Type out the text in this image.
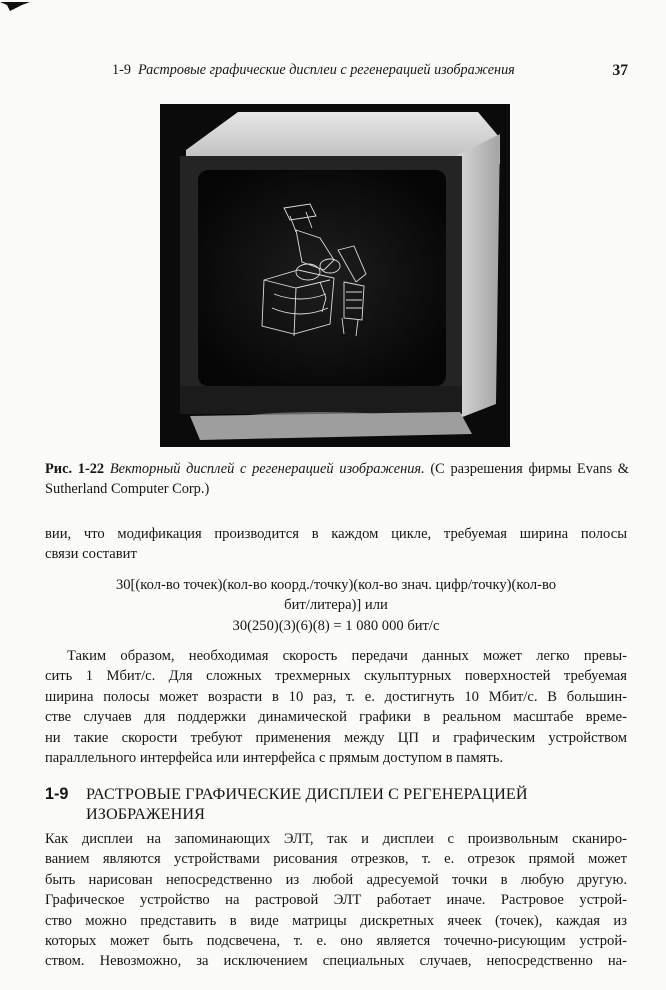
1-9 Растровые графические дисплеи с регенерацией изображения	37
Рис. 1-22 Векторный дисплей с регенерацией изображения. (С разрешения фирмы Evans & Sutherland Computer Corp.)
вии, что модификация производится в каждом цикле, требуемая ширина полосы
связи составит
30[(кол-во точек)(кол-во коорд./точку)(кол-во знач. цифр/точку)(кол-во
бит/литера)] или
30(250)(3)(6)(8) = 1 080 000 бит/с
Таким образом, необходимая скорость передачи данных может легко превы-
сить 1 Мбит/с. Для сложных трехмерных скульптурных поверхностей требуемая
ширина полосы может возрасти в 10 раз, т. е. достигнуть 10 Мбит/с. В большин-
стве случаев для поддержки динамической графики в реальном масштабе време-
ни такие скорости требуют применения между ЦП и графическим устройством
параллельного интерфейса или интерфейса с прямым доступом в память.
1-9 РАСТРОВЫЕ ГРАФИЧЕСКИЕ ДИСПЛЕИ С РЕГЕНЕРАЦИЕЙ
ИЗОБРАЖЕНИЯ
Как дисплеи на запоминающих ЭЛТ, так и дисплеи с произвольным сканиро-
ванием являются устройствами рисования отрезков, т. е. отрезок прямой может
быть нарисован непосредственно из любой адресуемой точки в любую другую.
Графическое устройство на растровой ЭЛТ работает иначе. Растровое устрой-
ство можно представить в виде матрицы дискретных ячеек (точек), каждая из
которых может быть подсвечена, т. е. оно является точечно-рисующим устрой-
ством. Невозможно, за исключением специальных случаев, непосредственно на-
